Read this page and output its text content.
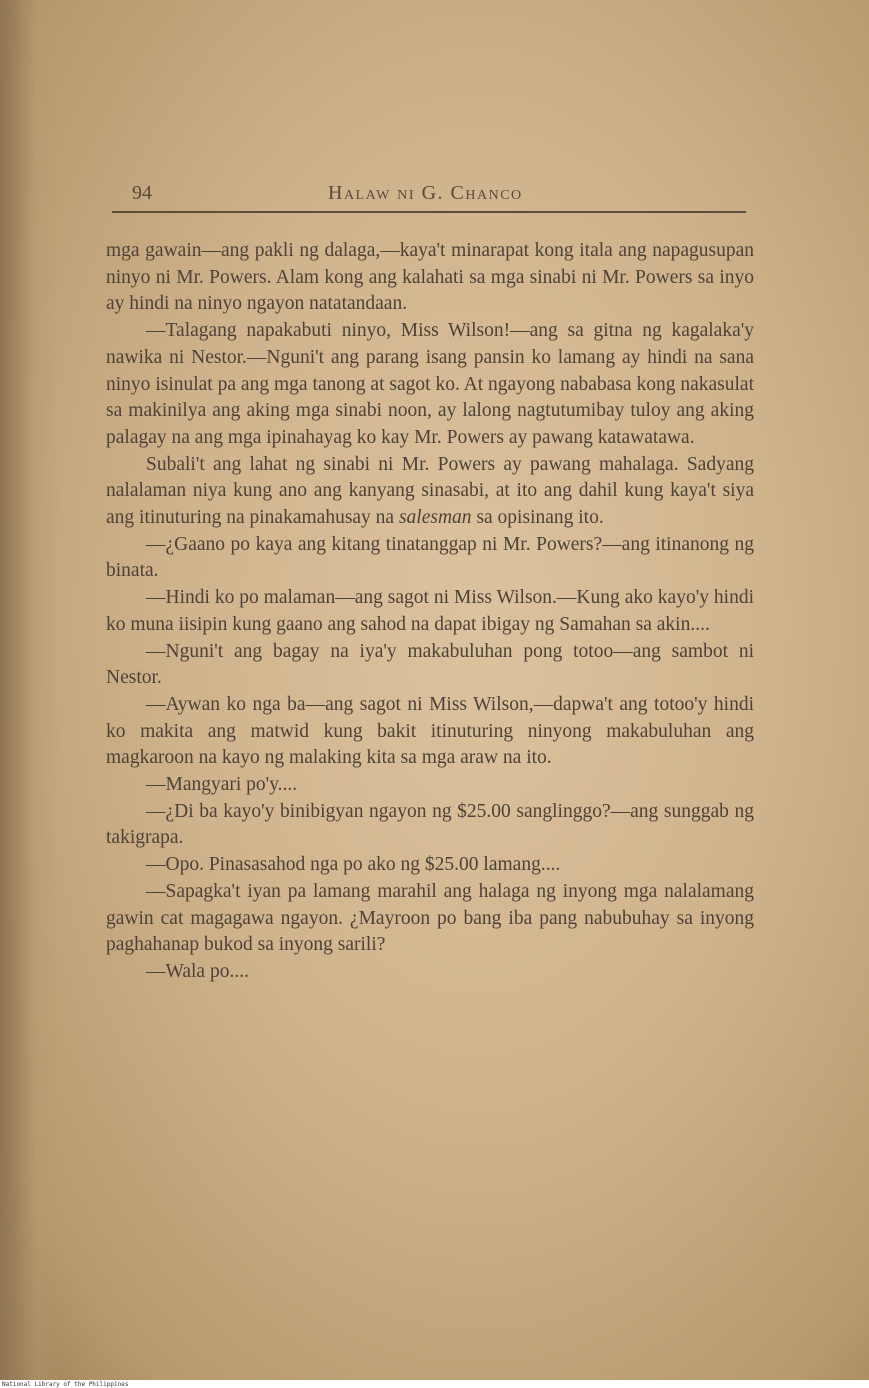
94	Halaw ni G. Chanco

mga gawain—ang pakli ng dalaga,—kaya't minarapat kong itala ang napagusupan ninyo ni Mr. Powers. Alam kong ang kalahati sa mga sinabi ni Mr. Powers sa inyo ay hindi na ninyo ngayon natatandaan.

—Talagang napakabuti ninyo, Miss Wilson!—ang sa gitna ng kagalaka'y nawika ni Nestor.—Nguni't ang parang isang pansin ko lamang ay hindi na sana ninyo isinulat pa ang mga tanong at sagot ko. At ngayong nababasa kong nakasulat sa makinilya ang aking mga sinabi noon, ay lalong nagtutumibay tuloy ang aking palagay na ang mga ipinahayag ko kay Mr. Powers ay pawang katawatawa.

Subali't ang lahat ng sinabi ni Mr. Powers ay pawang mahalaga. Sadyang nalalaman niya kung ano ang kanyang sinasabi, at ito ang dahil kung kaya't siya ang itinuturing na pinakamahusay na salesman sa opisinang ito.

—¿Gaano po kaya ang kitang tinatanggap ni Mr. Powers?—ang itinanong ng binata.

—Hindi ko po malaman—ang sagot ni Miss Wilson.—Kung ako kayo'y hindi ko muna iisipin kung gaano ang sahod na dapat ibigay ng Samahan sa akin....

—Nguni't ang bagay na iya'y makabuluhan pong totoo—ang sambot ni Nestor.

—Aywan ko nga ba—ang sagot ni Miss Wilson,—dapwa't ang totoo'y hindi ko makita ang matwid kung bakit itinuturing ninyong makabuluhan ang magkaroon na kayo ng malaking kita sa mga araw na ito.

—Mangyari po'y....

—¿Di ba kayo'y binibigyan ngayon ng $25.00 sanglinggo?—ang sunggab ng takigrapa.

—Opo. Pinasasahod nga po ako ng $25.00 lamang....

—Sapagka't iyan pa lamang marahil ang halaga ng inyong mga nalalamang gawin cat magagawa ngayon. ¿Mayroon po bang iba pang nabubuhay sa inyong paghahanap bukod sa inyong sarili?

—Wala po....

National Library of the Philippines
